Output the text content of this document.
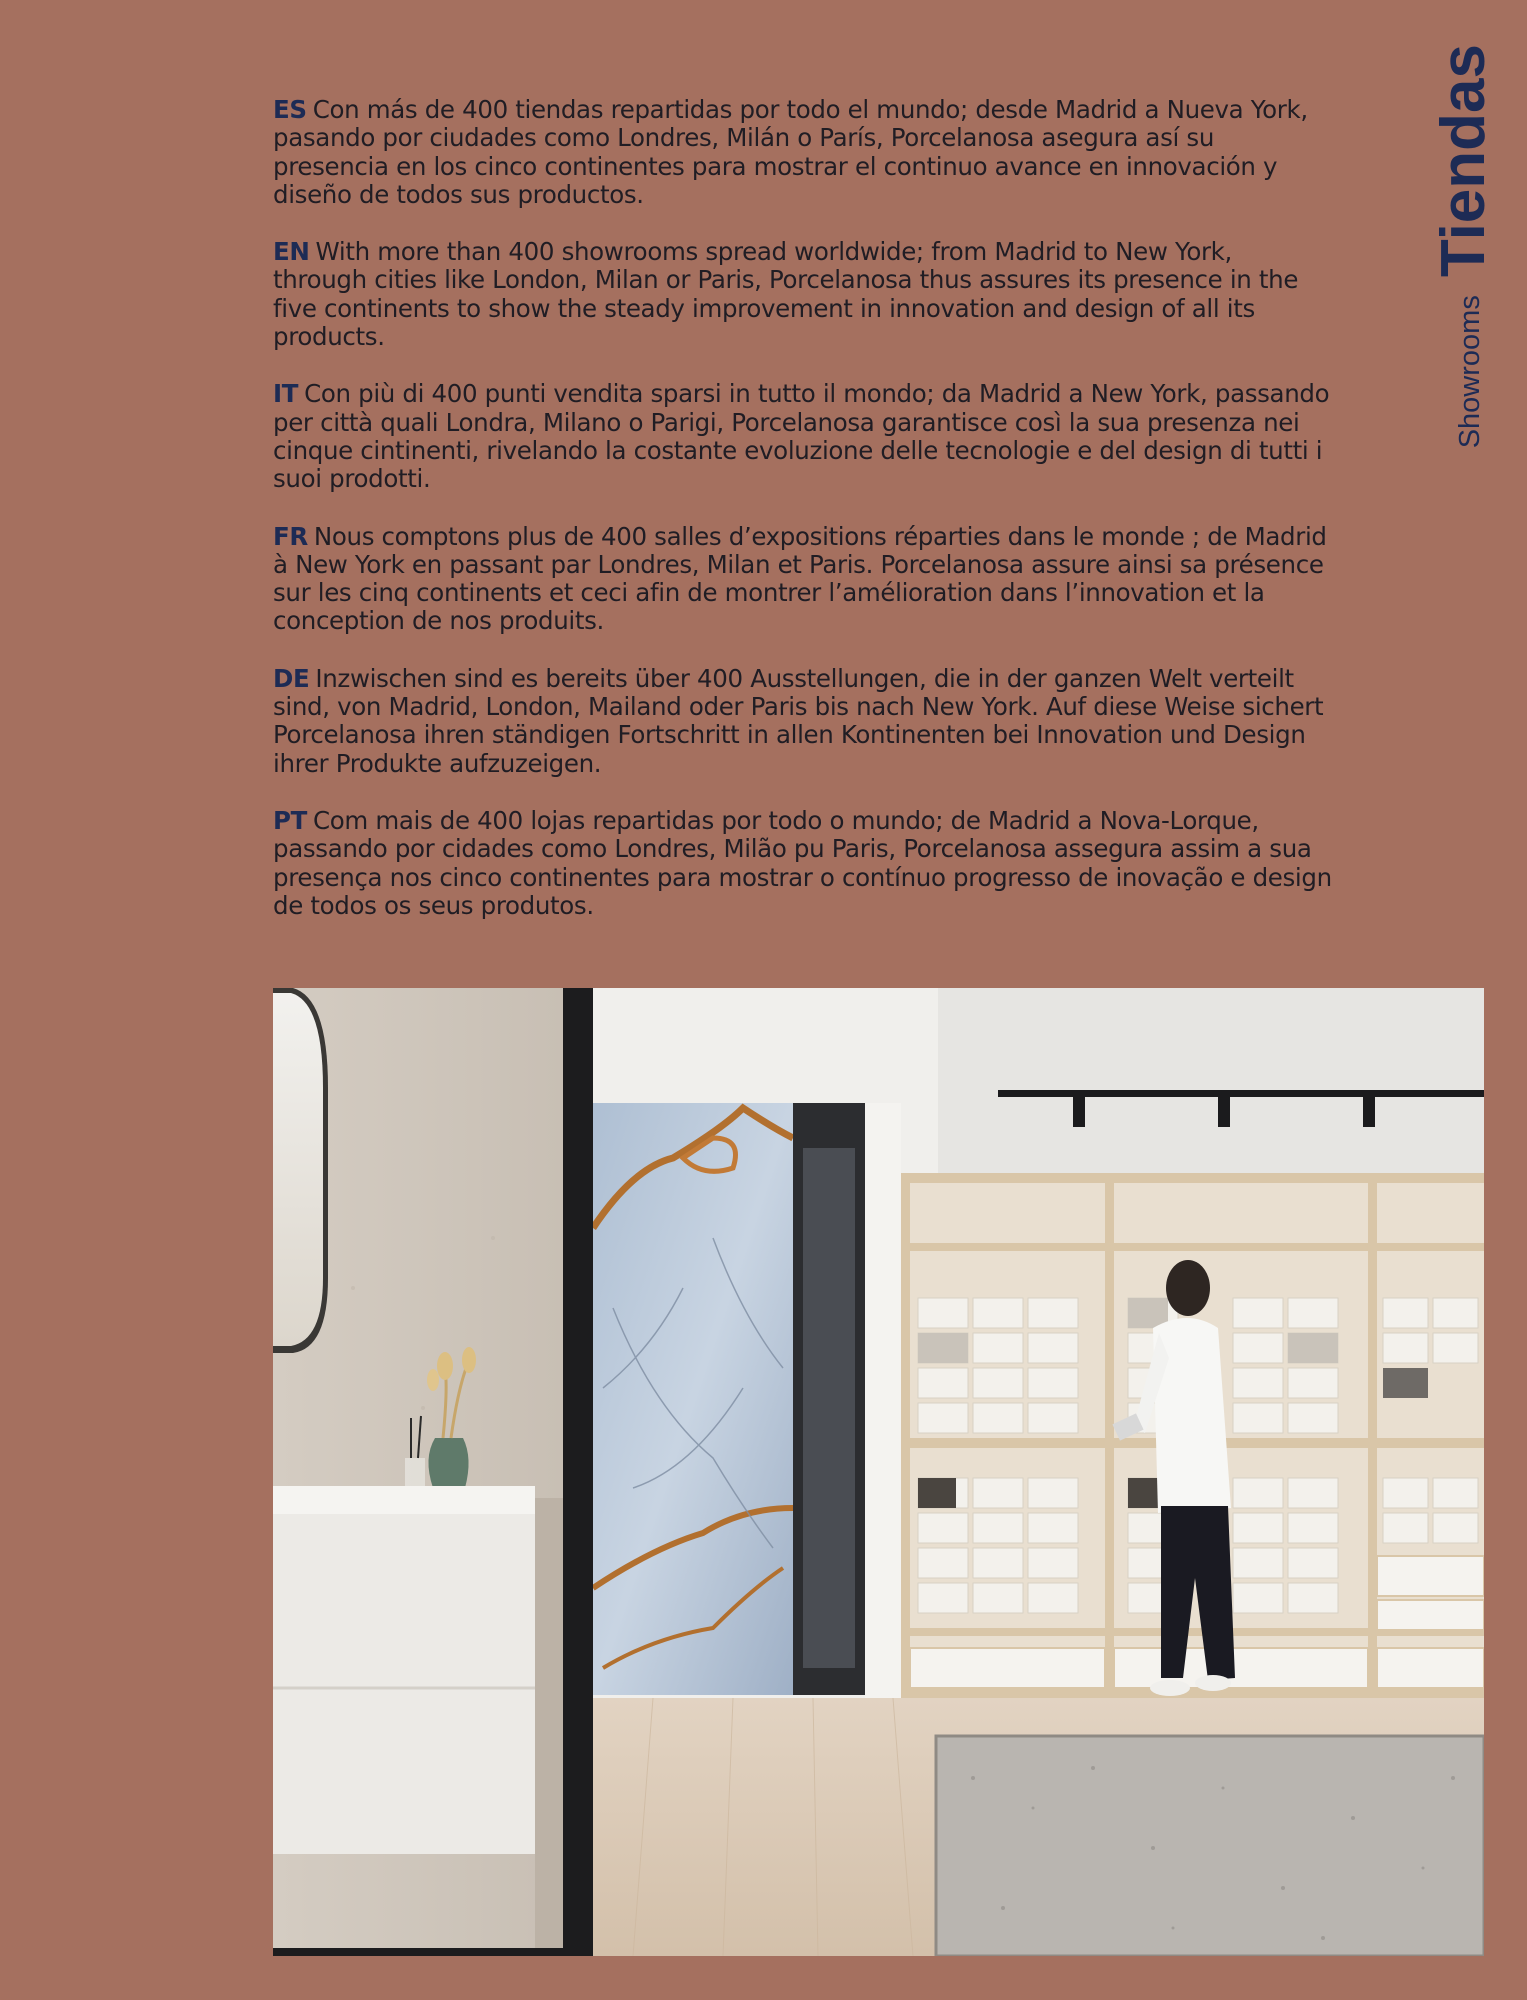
Showrooms
Tiendas

ES Con más de 400 tiendas repartidas por todo el mundo; desde Madrid a Nueva York, pasando por ciudades como Londres, Milán o París, Porcelanosa asegura así su presencia en los cinco continentes para mostrar el continuo avance en innovación y diseño de todos sus productos.

EN With more than 400 showrooms spread worldwide; from Madrid to New York, through cities like London, Milan or Paris, Porcelanosa thus assures its presence in the five continents to show the steady improvement in innovation and design of all its products.

IT Con più di 400 punti vendita sparsi in tutto il mondo; da Madrid a New York, passando per città quali Londra, Milano o Parigi, Porcelanosa garantisce così la sua presenza nei cinque cintinenti, rivelando la costante evoluzione delle tecnologie e del design di tutti i suoi prodotti.

FR Nous comptons plus de 400 salles d’expositions réparties dans le monde ; de Madrid à New York en passant par Londres, Milan et Paris. Porcelanosa assure ainsi sa présence sur les cinq continents et ceci afin de montrer l’amélioration dans l’innovation et la conception de nos produits.

DE Inzwischen sind es bereits über 400 Ausstellungen, die in der ganzen Welt verteilt sind, von Madrid, London, Mailand oder Paris bis nach New York. Auf diese Weise sichert Porcelanosa ihren ständigen Fortschritt in allen Kontinenten bei Innovation und Design ihrer Produkte aufzuzeigen.

PT Com mais de 400 lojas repartidas por todo o mundo; de Madrid a Nova-Lorque, passando por cidades como Londres, Milão pu Paris, Porcelanosa assegura assim a sua presença nos cinco continentes para mostrar o contínuo progresso de inovação e design de todos os seus produtos.
